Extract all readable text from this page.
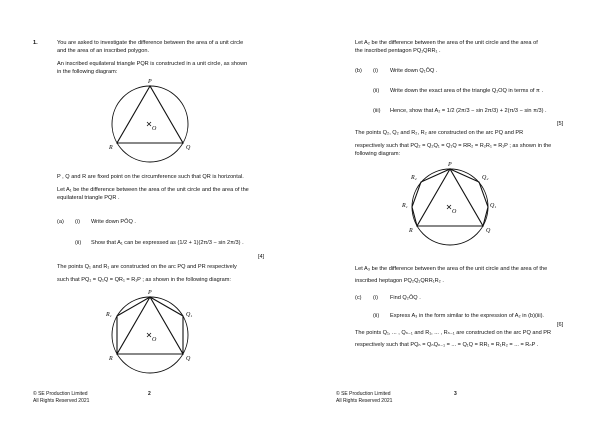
1.	You are asked to investigate the difference between the area of a unit circle
and the area of an inscribed polygon.
An inscribed equilateral triangle PQR is constructed in a unit circle, as shown
in the following diagram:
P
R	Q
O
P , Q and R are fixed point on the circumference such that QR is horizontal.
Let A₁ be the difference between the area of the unit circle and the area of the
equilateral triangle PQR .
(a) (i) Write down PÔQ .
(ii) Show that A₁ can be expressed as (1/2 + 1)(2π/3 − sin 2π/3) .
[4]
The points Q₁ and R₁ are constructed on the arc PQ and PR respectively
such that PQ₁ = Q₁Q = QR₁ = R₁P ; as shown in the following diagram:
P
R₁	Q₁
R	Q
O
© SE Production Limited
All Rights Reserved 2021
2
Let A₂ be the difference between the area of the unit circle and the area of
the inscribed pentagon PQ₁QRR₁ .
(b) (i) Write down Q₁ÔQ .
(ii) Write down the exact area of the triangle Q₁OQ in terms of π .
(iii) Hence, show that A₂ = 1/2 (2π/3 − sin 2π/3) + 2(π/3 − sin π/3) .
[5]
The points Q₂, Q₂ and R₂, R₂ are constructed on the arc PQ and PR
respectively such that PQ₂ = Q₂Q₁ = Q₁Q = RR₂ = R₂R₁ = R₁P ; as shown in the
following diagram:
P
R₂	Q₂
R₁	Q₁
R	Q
O
Let A₃ be the difference between the area of the unit circle and the area of the
inscribed heptagon PQ₂Q₁QRR₁R₂ .
(c) (i) Find Q₂ÔQ .
(ii) Express A₃ in the form similar to the expression of A₂ in (b)(iii).
[6]
The points Q₁, ... , Qₙ₋₁ and R₁, ... , Rₙ₋₁ are constructed on the arc PQ and PR
respectively such that PQₙ = QₙQₙ₋₁ = ... = Q₁Q = RR₁ = R₁R₂ = ... = RₙP .
© SE Production Limited
All Rights Reserved 2021
3
